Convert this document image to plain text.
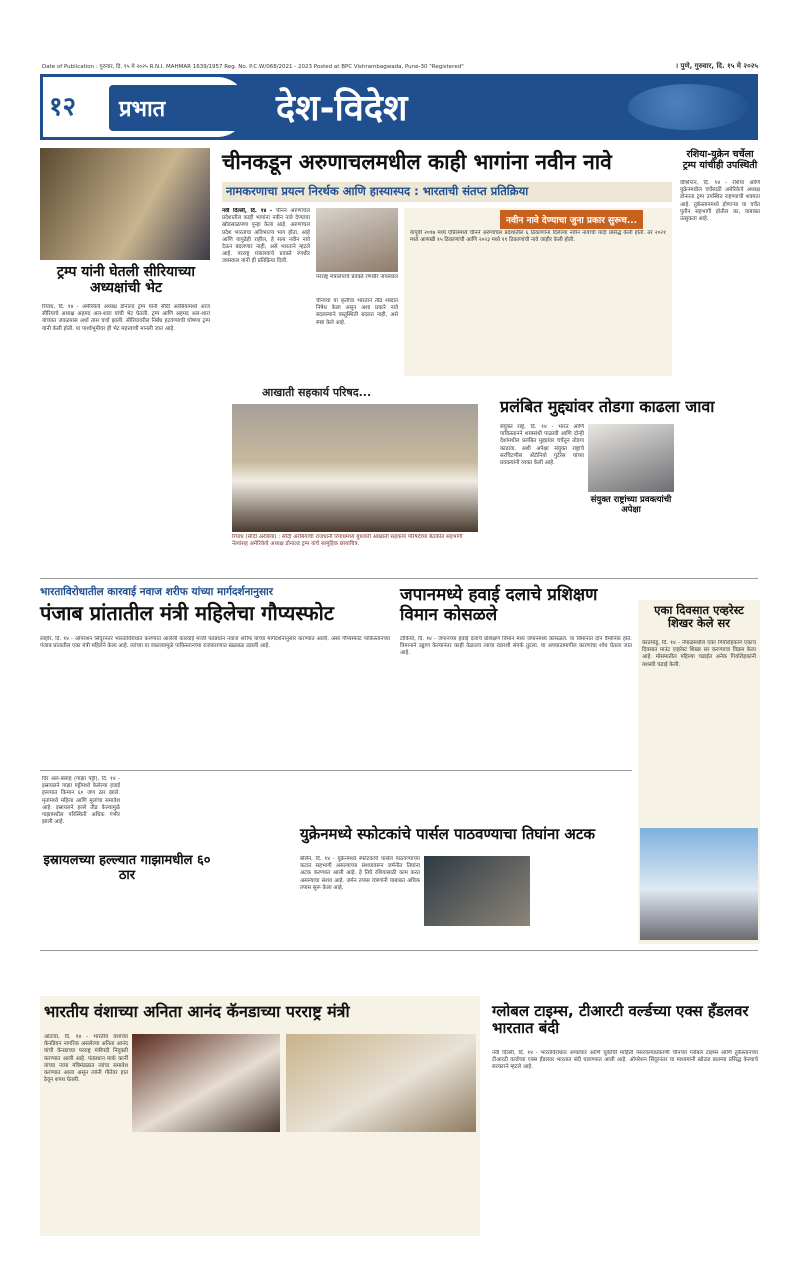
Date of Publication : गुरुवार, दि. १५ मे २०२५ R.N.I. MAHMAR 1639/1957 Reg. No. P.C.W/068/2021 - 2023 Posted at BPC Vishrambagwada, Pune-30 "Registered"	। पुणे, गुरुवार, दि. १५ मे २०२५
१२	प्रभात	देश-विदेश
ट्रम्प यांनी घेतली सीरियाच्या अध्यक्षांची भेट
रियाध, दि. १४ - अमेरिकेचे अध्यक्ष डोनाल्ड ट्रम्प यांनी सौदी अरेबियामध्ये आज सीरियाचे अध्यक्ष अहमद अल-शारा यांची भेट घेतली. ट्रम्प आणि अहमद अल-शारा यांच्यात जवळपास अर्धा तास चर्चा झाली. सीरियावरील निर्बंध हटवण्याची घोषणा ट्रम्प यांनी केली होती. या पार्श्वभूमीवर ही भेट महत्त्वाची मानली जात आहे.
चीनकडून अरुणाचलमधील काही भागांना नवीन नावे
नामकरणाचा प्रयत्न निरर्थक आणि हास्यास्पद : भारताची संतप्त प्रतिक्रिया
नवी दिल्ली, दि. १४ - चीनने अरुणाचल प्रदेशातील काही भागांना नवीन नावे देण्याचा खोडसाळपणा पुन्हा केला आहे. अरुणाचल प्रदेश भारताचा अविभाज्य भाग होता, आहे आणि यापुढेही राहील, हे सत्य नवीन नावे देऊन बदलणार नाही, असे भारताने म्हटले आहे. परराष्ट्र मंत्रालयाचे प्रवक्ते रणधीर जयस्वाल यांनी ही प्रतिक्रिया दिली.
परराष्ट्र मंत्रालयाचे प्रवक्ते रणधीर जयस्वाल
चीनच्या या कृतीचा भारताने तीव्र शब्दांत निषेध केला असून अशा प्रकारे नावे बदलल्याने वस्तुस्थिती बदलत नाही, असे स्पष्ट केले आहे.
नवीन नावे देण्याचा जुना प्रकार सुरूच...
यापूर्वी २०१७ मध्ये एप्रिलमध्ये चीनने अरुणाचल प्रदेशातील ६ ठिकाणांना दिलेल्या नवीन नावांची यादी प्रसिद्ध केली होती. तर २०२१ मध्ये आणखी १५ ठिकाणांची आणि २०२३ मध्ये ११ ठिकाणांची नावे जाहीर केली होती.
रशिया-युक्रेन चर्चेला ट्रम्प यांचीही उपस्थिती
वॉशिंग्टन, दि. १४ - रशिया आणि युक्रेनमधील चर्चेसाठी अमेरिकेचे अध्यक्ष डोनाल्ड ट्रम्प उपस्थित राहण्याची शक्यता आहे. तुर्कस्तानमध्ये होणाऱ्या या चर्चेत पुतीन सहभागी होतील का, याबाबत उत्सुकता आहे.
आखाती सहकार्य परिषद...
रियाध (सौदी अरेबिया) : सौदी अरेबियाची राजधानी रियाधमध्ये बुधवारी आखाती सहकार्य परिषदेच्या बैठकीत सहभागी नेत्यांसह अमेरिकेचे अध्यक्ष डोनाल्ड ट्रम्प यांचे सामूहिक छायाचित्र.
प्रलंबित मुद्द्यांवर तोडगा काढला जावा
संयुक्त राष्ट्रे, दि. १४ - भारत आणि पाकिस्तानने शस्त्रसंधी पाळावी आणि दोन्ही देशांमधील प्रलंबित मुद्द्यांवर चर्चेतून तोडगा काढावा, अशी अपेक्षा संयुक्त राष्ट्रांचे सरचिटणीस अँटोनियो गुटेरेस यांच्या प्रवक्त्यांनी व्यक्त केली आहे.
संयुक्त राष्ट्रांच्या प्रवक्त्यांची अपेक्षा
भारताविरोधातील कारवाई नवाज शरीफ यांच्या मार्गदर्शनानुसार
पंजाब प्रांतातील मंत्री महिलेचा गौप्यस्फोट
लाहोर, दि. १४ - ऑपरेशन सिंदूरनंतर भारताविरोधात करण्यात आलेली कारवाई माजी पंतप्रधान नवाज शरीफ यांच्या मार्गदर्शनानुसार करण्यात आली, असा गौप्यस्फोट पाकिस्तानच्या पंजाब प्रांतातील एका मंत्री महिलेने केला आहे. त्यांच्या या वक्तव्यामुळे पाकिस्तानच्या राजकारणात खळबळ उडाली आहे.
जपानमध्ये हवाई दलाचे प्रशिक्षण विमान कोसळले
टोकियो, दि. १४ - जपानच्या हवाई दलाचे प्रशिक्षण विमान मध्य जपानमध्ये कोसळले. या विमानात दोन वैमानिक होते. विमानाने उड्डाण केल्यानंतर काही वेळातच त्याचा रडारशी संपर्क तुटला. या अपघातामागील कारणांचा शोध घेतला जात आहे.
एका दिवसात एव्हरेस्ट शिखर केले सर
काठमांडू, दि. १४ - नेपाळमधील एका गिर्यारोहकाने एकाच दिवसात माउंट एव्हरेस्ट शिखर सर करण्याचा विक्रम केला आहे. मोसमातील पहिल्या चढाईत अनेक गिर्यारोहकांनी यशस्वी चढाई केली.
इस्रायलच्या हल्ल्यात गाझामधील ६० ठार
दिर अल-बलाह (गाझा पट्टी), दि. १४ - इस्रायलने गाझा पट्टीमध्ये केलेल्या हवाई हल्ल्यात किमान ६० जण ठार झाले. मृतांमध्ये महिला आणि मुलांचा समावेश आहे. इस्रायलने हल्ले तीव्र केल्यामुळे गाझामधील परिस्थिती अधिक गंभीर झाली आहे.
युक्रेनमध्ये स्फोटकांचे पार्सल पाठवण्याचा तिघांना अटक
बर्लिन, दि. १४ - युक्रेनमध्ये स्फोटकांचे पार्सल पाठवण्याच्या कटात सहभागी असल्याच्या संशयावरून जर्मनीत तिघांना अटक करण्यात आली आहे. हे तिघे रशियासाठी काम करत असल्याचा संशय आहे. जर्मन तपास यंत्रणांनी याबाबत अधिक तपास सुरू केला आहे.
भारतीय वंशाच्या अनिता आनंद कॅनडाच्या परराष्ट्र मंत्री
ओटावा, दि. १४ - भारतीय वंशाच्या कॅनडियन नागरिक असलेल्या अनिता आनंद यांची कॅनडाच्या परराष्ट्र मंत्रीपदी नियुक्ती करण्यात आली आहे. पंतप्रधान मार्क कार्नी यांच्या नव्या मंत्रिमंडळात त्यांचा समावेश करण्यात आला असून त्यांनी गीतेवर हात ठेवून शपथ घेतली.
ग्लोबल टाइम्स, टीआरटी वर्ल्डच्या एक्स हँडलवर भारतात बंदी
नवी दिल्ली, दि. १४ - भारतविरोधात अपप्रचार आणि चुकीची माहिती पसरवल्याप्रकरणी चीनच्या ग्लोबल टाइम्स आणि तुर्कस्तानच्या टीआरटी वर्ल्डच्या एक्स हँडलवर भारतात बंदी घालण्यात आली आहे. ऑपरेशन सिंदूरनंतर या माध्यमांनी खोट्या बातम्या प्रसिद्ध केल्याचे सरकारने म्हटले आहे.
